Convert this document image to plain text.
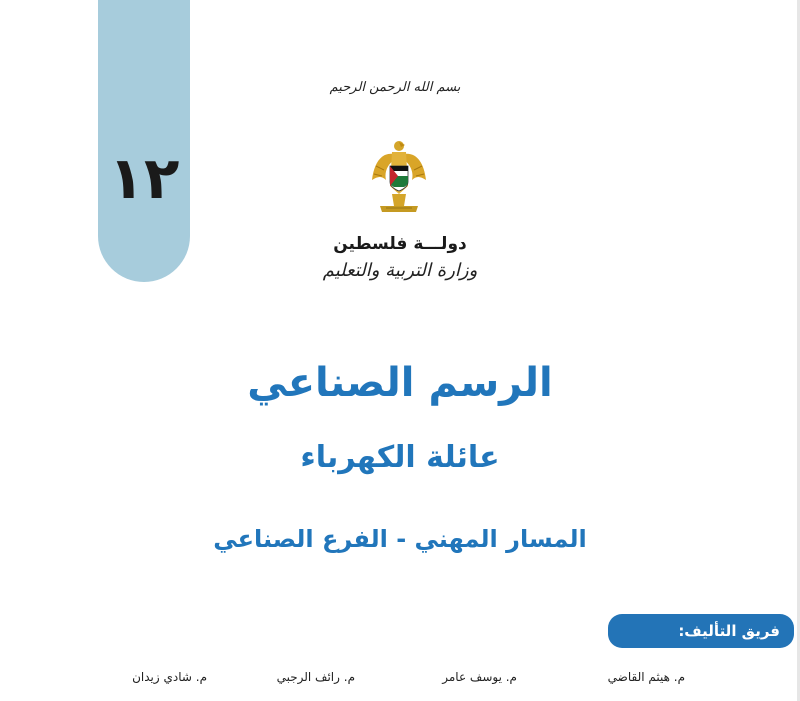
١٢
بسم الله الرحمن الرحيم
دولـــة فلسطين
وزارة التربية والتعليم
الرسم الصناعي
عائلة الكهرباء
المسار المهني - الفرع الصناعي
فريق التأليف:
م. هيثم القاضي
م. يوسف عامر
م. رائف الرجبي
م. شادي زيدان
